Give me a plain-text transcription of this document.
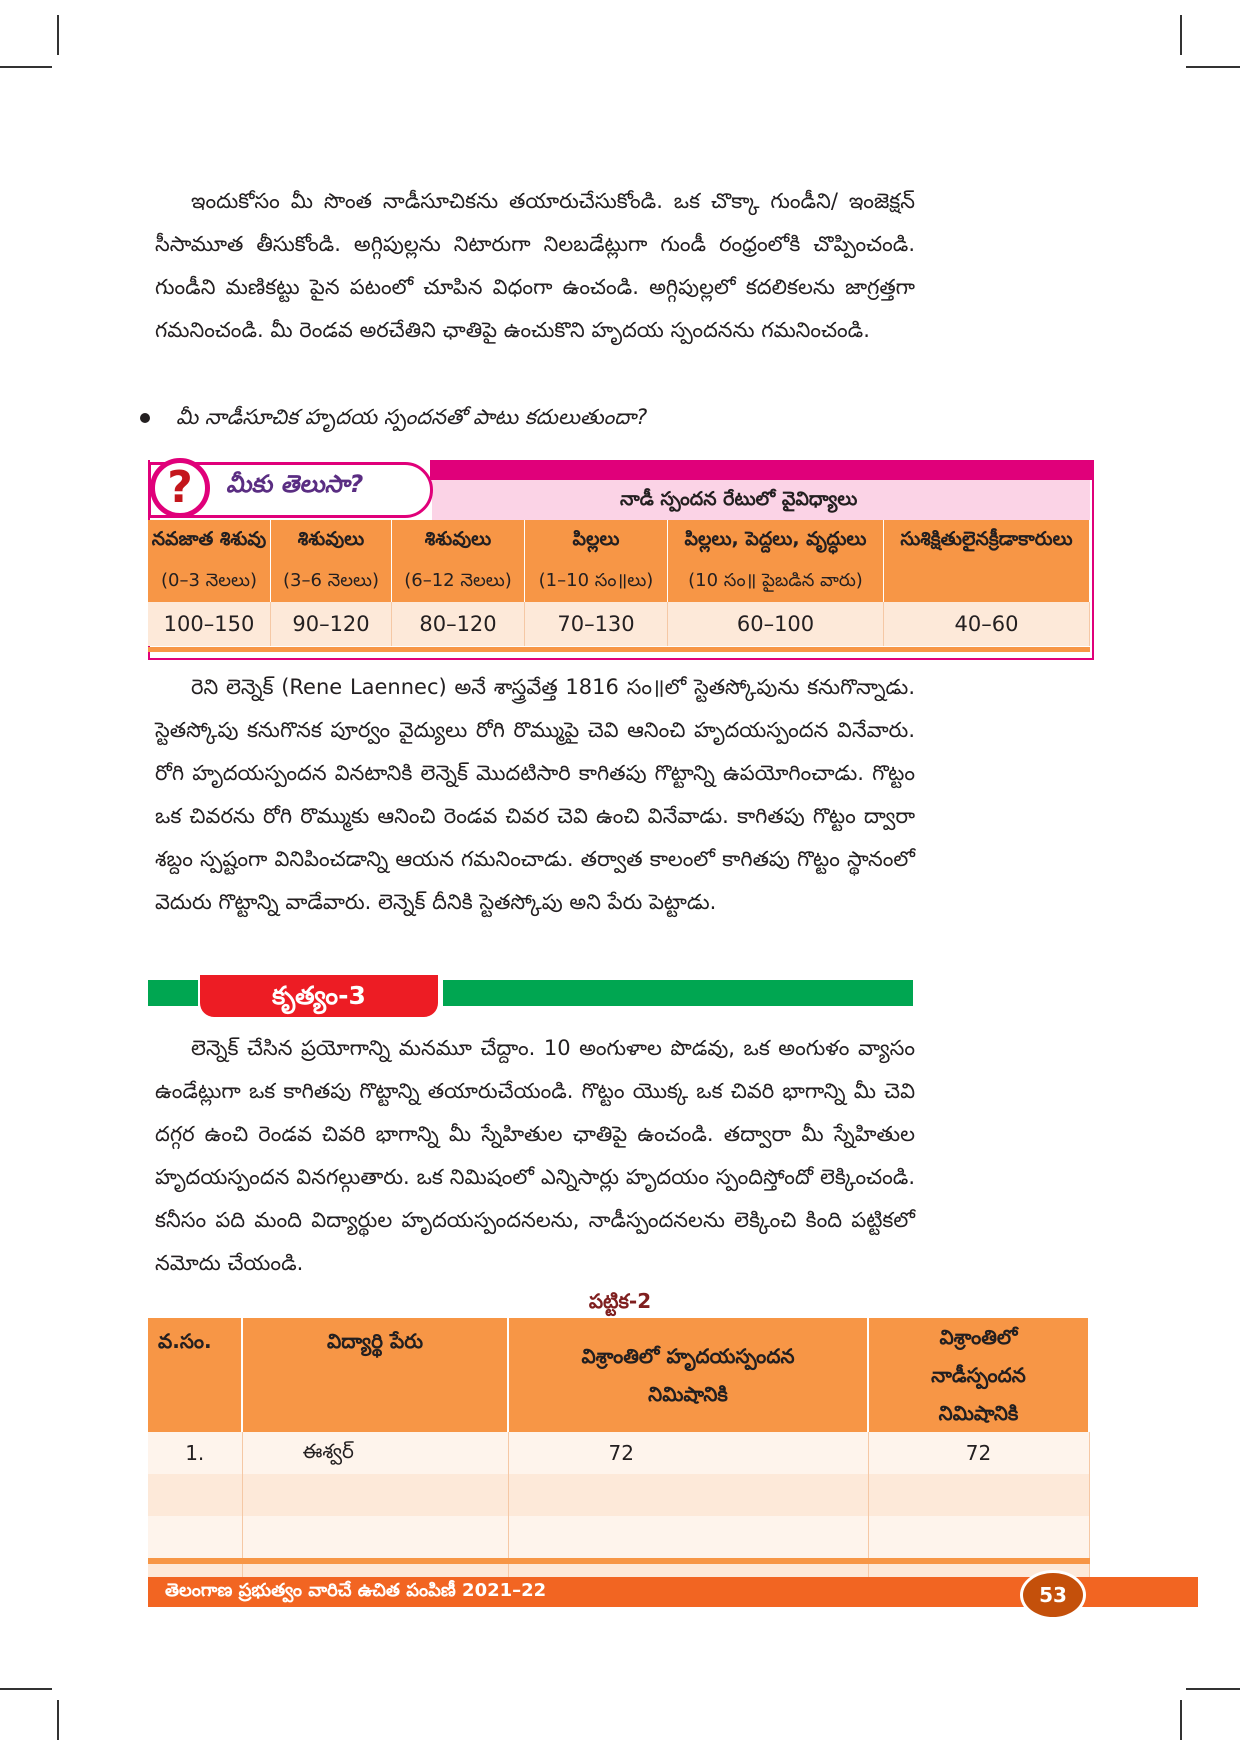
ఇందుకోసం మీ సొంత నాడీసూచికను తయారుచేసుకోండి. ఒక చొక్కా గుండీని/ ఇంజెక్షన్ సీసామూత తీసుకోండి. అగ్గిపుల్లను నిటారుగా నిలబడేట్లుగా గుండీ రంధ్రంలోకి చొప్పించండి. గుండీని మణికట్టు పైన పటంలో చూపిన విధంగా ఉంచండి. అగ్గిపుల్లలో కదలికలను జాగ్రత్తగా గమనించండి. మీ రెండవ అరచేతిని ఛాతిపై ఉంచుకొని హృదయ స్పందనను గమనించండి.

మీ నాడీసూచిక హృదయ స్పందనతో పాటు కదులుతుందా?
?	మీకు తెలుసా?
నాడీ స్పందన రేటులో వైవిధ్యాలు
నవజాత శిశువు	శిశువులు	శిశువులు	పిల్లలు	పిల్లలు, పెద్దలు, వృద్ధులు	సుశిక్షితులైనక్రీడాకారులు
(0–3 నెలలు)	(3–6 నెలలు)	(6–12 నెలలు)	(1–10 సం॥లు)	(10 సం॥ పైబడిన వారు)	
100–150	90–120	80–120	70–130	60–100	40–60

రెని లెన్నెక్ (Rene Laennec) అనే శాస్త్రవేత్త 1816 సం॥లో స్టెతస్కోపును కనుగొన్నాడు. స్టెతస్కోపు కనుగొనక పూర్వం వైద్యులు రోగి రొమ్ముపై చెవి ఆనించి హృదయస్పందన వినేవారు. రోగి హృదయస్పందన వినటానికి లెన్నెక్ మొదటిసారి కాగితపు గొట్టాన్ని ఉపయోగించాడు. గొట్టం ఒక చివరను రోగి రొమ్ముకు ఆనించి రెండవ చివర చెవి ఉంచి వినేవాడు. కాగితపు గొట్టం ద్వారా శబ్దం స్పష్టంగా వినిపించడాన్ని ఆయన గమనించాడు. తర్వాత కాలంలో కాగితపు గొట్టం స్థానంలో వెదురు గొట్టాన్ని వాడేవారు. లెన్నెక్ దీనికి స్టెతస్కోపు అని పేరు పెట్టాడు.

కృత్యం-3

లెన్నెక్ చేసిన ప్రయోగాన్ని మనమూ చేద్దాం. 10 అంగుళాల పొడవు, ఒక అంగుళం వ్యాసం ఉండేట్లుగా ఒక కాగితపు గొట్టాన్ని తయారుచేయండి. గొట్టం యొక్క ఒక చివరి భాగాన్ని మీ చెవి దగ్గర ఉంచి రెండవ చివరి భాగాన్ని మీ స్నేహితుల ఛాతిపై ఉంచండి. తద్వారా మీ స్నేహితుల హృదయస్పందన వినగల్గుతారు. ఒక నిమిషంలో ఎన్నిసార్లు హృదయం స్పందిస్తోందో లెక్కించండి. కనీసం పది మంది విద్యార్థుల హృదయస్పందనలను, నాడీస్పందనలను లెక్కించి కింది పట్టికలో నమోదు చేయండి.

పట్టిక-2
వ.సం.	విద్యార్థి పేరు	విశ్రాంతిలో హృదయస్పందన నిమిషానికి	విశ్రాంతిలో నాడీస్పందన నిమిషానికి
1.	ఈశ్వర్	72	72

తెలంగాణ ప్రభుత్వం వారిచే ఉచిత పంపిణీ 2021–22	53
